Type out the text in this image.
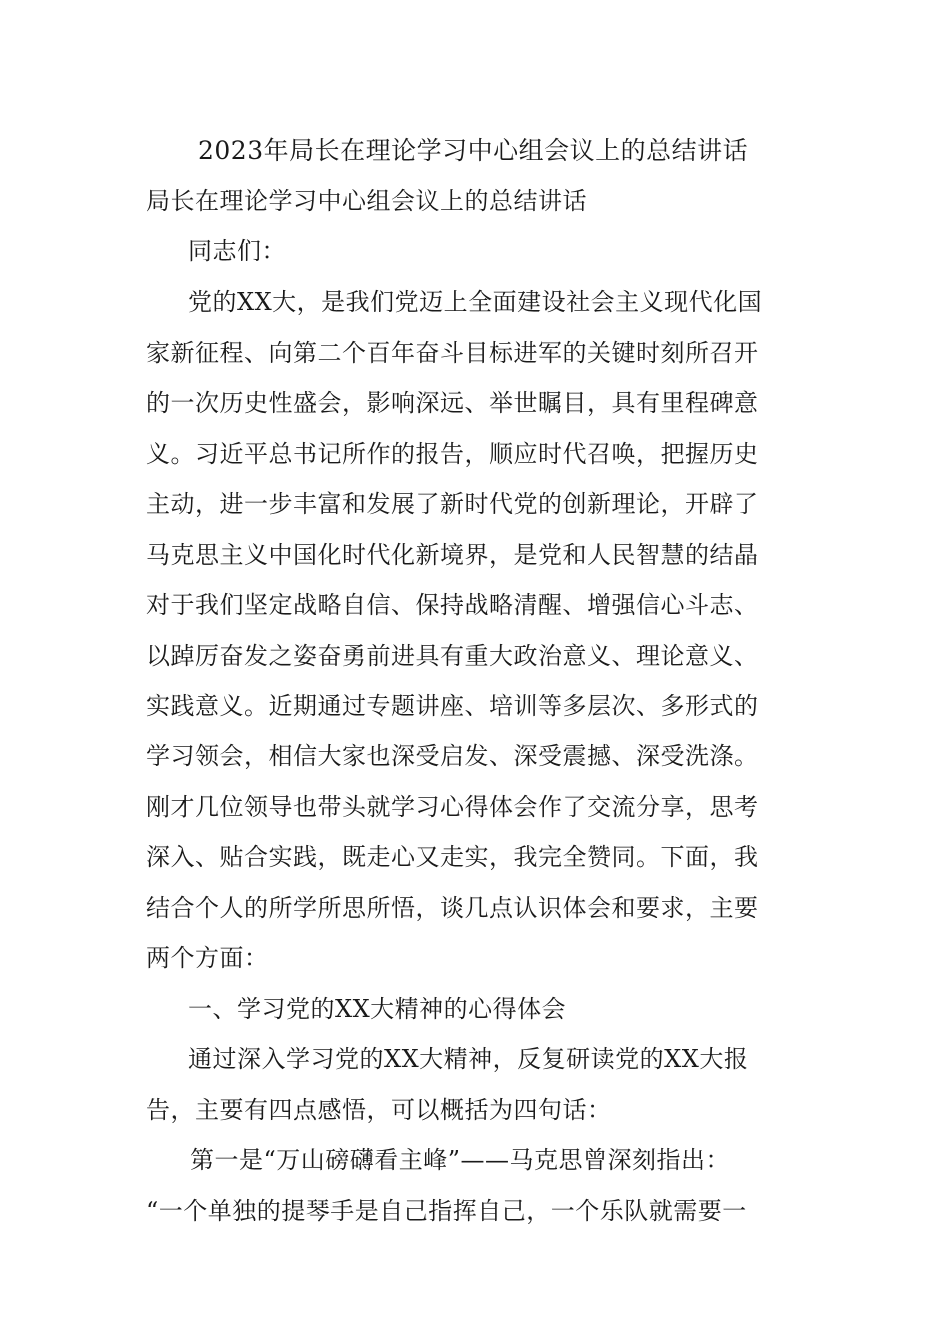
2023年局长在理论学习中心组会议上的总结讲话
局长在理论学习中心组会议上的总结讲话
同志们：
党的XX大，是我们党迈上全面建设社会主义现代化国
家新征程、向第二个百年奋斗目标进军的关键时刻所召开
的一次历史性盛会，影响深远、举世瞩目，具有里程碑意
义。习近平总书记所作的报告，顺应时代召唤，把握历史
主动，进一步丰富和发展了新时代党的创新理论，开辟了
马克思主义中国化时代化新境界，是党和人民智慧的结晶
对于我们坚定战略自信、保持战略清醒、增强信心斗志、
以踔厉奋发之姿奋勇前进具有重大政治意义、理论意义、
实践意义。近期通过专题讲座、培训等多层次、多形式的
学习领会，相信大家也深受启发、深受震撼、深受洗涤。
刚才几位领导也带头就学习心得体会作了交流分享，思考
深入、贴合实践，既走心又走实，我完全赞同。下面，我
结合个人的所学所思所悟，谈几点认识体会和要求，主要
两个方面：
一、学习党的XX大精神的心得体会
通过深入学习党的XX大精神，反复研读党的XX大报
告，主要有四点感悟，可以概括为四句话：
第一是“万山磅礴看主峰”——马克思曾深刻指出：
“一个单独的提琴手是自己指挥自己，一个乐队就需要一
